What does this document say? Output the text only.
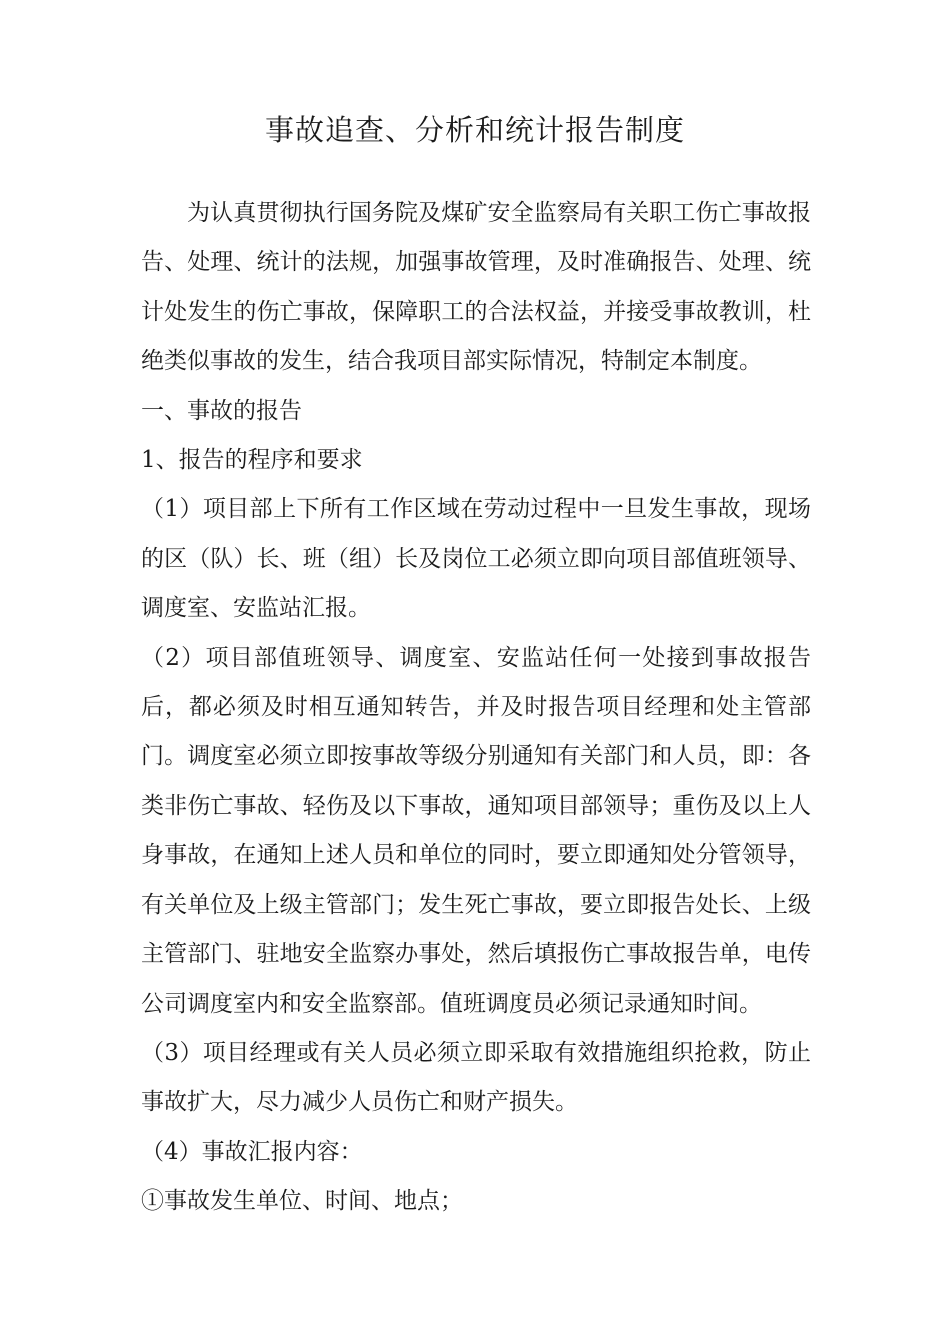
事故追查、分析和统计报告制度

为认真贯彻执行国务院及煤矿安全监察局有关职工伤亡事故报告、处理、统计的法规，加强事故管理，及时准确报告、处理、统计处发生的伤亡事故，保障职工的合法权益，并接受事故教训，杜绝类似事故的发生，结合我项目部实际情况，特制定本制度。

一、事故的报告

1、报告的程序和要求

（1）项目部上下所有工作区域在劳动过程中一旦发生事故，现场的区（队）长、班（组）长及岗位工必须立即向项目部值班领导、调度室、安监站汇报。

（2）项目部值班领导、调度室、安监站任何一处接到事故报告后，都必须及时相互通知转告，并及时报告项目经理和处主管部门。调度室必须立即按事故等级分别通知有关部门和人员，即：各类非伤亡事故、轻伤及以下事故，通知项目部领导；重伤及以上人身事故，在通知上述人员和单位的同时，要立即通知处分管领导，有关单位及上级主管部门；发生死亡事故，要立即报告处长、上级主管部门、驻地安全监察办事处，然后填报伤亡事故报告单，电传公司调度室内和安全监察部。值班调度员必须记录通知时间。

（3）项目经理或有关人员必须立即采取有效措施组织抢救，防止事故扩大，尽力减少人员伤亡和财产损失。

（4）事故汇报内容：

①事故发生单位、时间、地点；
